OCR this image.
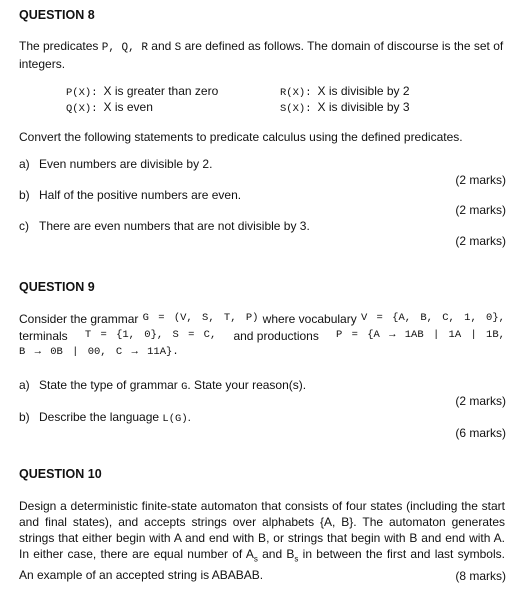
QUESTION 8
The predicates P, Q, R and S are defined as follows. The domain of discourse is the set of integers.
P(X): X is greater than zero
Q(X): X is even
R(X): X is divisible by 2
S(X): X is divisible by 3
Convert the following statements to predicate calculus using the defined predicates.
a) Even numbers are divisible by 2.
(2 marks)
b) Half of the positive numbers are even.
(2 marks)
c) There are even numbers that are not divisible by 3.
(2 marks)
QUESTION 9
Consider the grammar G = (V, S, T, P) where vocabulary V = {A, B, C, 1, 0},
terminals T = {1, 0}, S = C, and productions P = {A → 1AB | 1A | 1B,
B → 0B | 00, C → 11A}.
a) State the type of grammar G. State your reason(s).
(2 marks)
b) Describe the language L(G).
(6 marks)
QUESTION 10
Design a deterministic finite-state automaton that consists of four states (including the start and final states), and accepts strings over alphabets {A, B}. The automaton generates strings that either begin with A and end with B, or strings that begin with B and end with A. In either case, there are equal number of $A_s$ and $B_s$ in between the first and last symbols. An example of an accepted string is ABABAB.	(8 marks)
